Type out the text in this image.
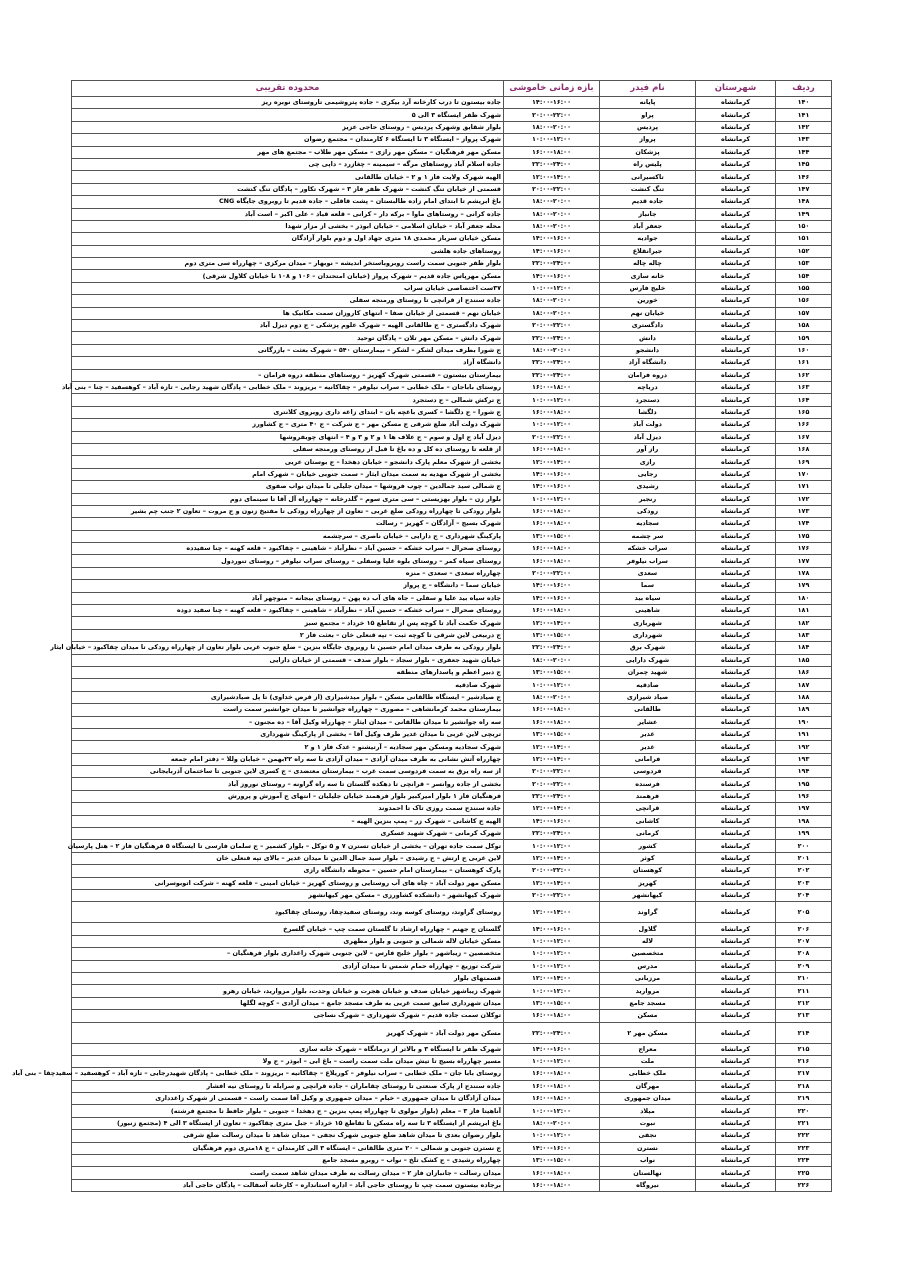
ردیف	شهرستان	نام فیدر	بازه زمانی خاموشی	محدوده تقریبی
۱۴۰	کرمانشاه	پایانه	۱۴:۰۰-۱۶:۰۰	جاده بیستون تا درب کارخانه آرد بیکری – جاده پتروشیمی تاروستای نوبره ریز
۱۴۱	کرمانشاه	پراو	۲۰:۰۰-۲۲:۰۰	شهرک ظفر ایستگاه ۳ الی ۵
۱۴۲	کرمانشاه	پردیس	۱۸:۰۰-۲۰:۰۰	بلوار شقایق وشهرک پردیس – روستای حاجی عزیز
۱۴۳	کرمانشاه	پرواز	۱۰:۰۰-۱۲:۰۰	شهرک پرواز – ایستگاه ۳ تا ایستگاه ۶ کارمندان – مجتمع رضوان
۱۴۴	کرمانشاه	پزشکان	۱۶:۰۰-۱۸:۰۰	مسکن مهر فرهنگیان – مسکن مهر رازی – مسکن مهر طلاب – مجتمع های مهر
۱۴۵	کرمانشاه	پلیس راه	۲۲:۰۰-۲۴:۰۰	جاده اسلام آباد روستاهای مرگه – سیمینه – چغازرد – داپی چی
۱۴۶	کرمانشاه	تاکسیرانی	۱۲:۰۰-۱۴:۰۰	الهیه شهرک ولایت فاز ۱ و ۲ – خیابان طالقانی
۱۴۷	کرمانشاه	تنگ کنشت	۲۰:۰۰-۲۲:۰۰	قسمتی از خیابان تنگ کنشت – شهرک ظفر فاز ۳ – شهرک تکاور – پادگان تنگ کنشت
۱۴۸	کرمانشاه	جاده قدیم	۱۸:۰۰-۲۰:۰۰	باغ ابریشم تا ابتدای امام زاده طالبستان – پشت قاقلی – جاده قدیم تا روبروی جایگاه CNG
۱۴۹	کرمانشاه	جانباز	۱۸:۰۰-۲۰:۰۰	جاده کرانی – روستاهای ماوا – برکه دار – کرانی – قلعه قباد – علی اکبر – است آباد
۱۵۰	کرمانشاه	جعفر آباد	۱۸:۰۰-۲۰:۰۰	محله جعفر آباد – خیابان اسلامی – خیابان ابوذر – بخشی از مزار شهدا
۱۵۱	کرمانشاه	جوادیه	۱۴:۰۰-۱۶:۰۰	مسکن خیابان سرباز محمدی ۱۸ متری جهاد اول و دوم بلوار آزادگان
۱۵۲	کرمانشاه	جیرانقلاع	۱۴:۰۰-۱۶:۰۰	روستاهای جاده هلشی
۱۵۳	کرمانشاه	چاله چاله	۲۲:۰۰-۲۴:۰۰	بلوار ظفر جنوبی سمت راست روبروباستخر اندیشه – نوبهار – میدان مرکزی – چهارراه سی متری دوم
۱۵۴	کرمانشاه	خانه سازی	۱۴:۰۰-۱۶:۰۰	مسکن مهرپاس جاده قدیم – شهرک پرواز (خیابان امتحندان – ۱۰۶ و ۱۰۸ تا خیابان کلاول شرقی)
۱۵۵	کرمانشاه	خلیج فارس	۱۰:۰۰-۱۲:۰۰	۳۷ست اختصاصی خیابان سراب
۱۵۶	کرمانشاه	خورین	۱۸:۰۰-۲۰:۰۰	جاده سنندج از قرانچی تا روستای ورمنجه سفلی
۱۵۷	کرمانشاه	خیابان نهم	۱۸:۰۰-۲۰:۰۰	خیابان نهم – قسمتی از خیابان صفا – انتهای کاروزان سمت مکانیک ها
۱۵۸	کرمانشاه	دادگستری	۲۰:۰۰-۲۲:۰۰	شهرک دادگستری – ج طالقانی الهیه – شهرک علوم پزشکی – ج دوم دیزل آباد
۱۵۹	کرمانشاه	دانش	۲۲:۰۰-۲۴:۰۰	شهرک دانش – مسکن مهر تلان – پادگان توحید
۱۶۰	کرمانشاه	دانشجو	۱۸:۰۰-۲۰:۰۰	ج شورا بطرف میدان لشکر – لشکر – بیمارستان ۵۴۰ – شهرک بعثت – بازرگانی
۱۶۱	کرمانشاه	دانشگاه آزاد	۲۲:۰۰-۲۴:۰۰	دانشگاه آزاد
۱۶۲	کرمانشاه	دروه فرامان	۲۲:۰۰-۲۴:۰۰	بیمارستان بیستون – قسمتی شهرک کهریز – روستاهای منطقه دروه فرامان –
۱۶۳	کرمانشاه	دریاچه	۱۶:۰۰-۱۸:۰۰	روستای باباجان – ملک خطابی – سراب نیلوفر – چقاکانیه – بریزوند – ملک خطابی – پادگان شهید رجایی – تازه آباد – کوهسفید – چنا – بنی آباد
۱۶۴	کرمانشاه	دستجرد	۱۰:۰۰-۱۲:۰۰	ج ترکش شمالی – ج دستجرد
۱۶۵	کرمانشاه	دلگشا	۱۶:۰۰-۱۸:۰۰	ج شورا – ج دلگشا – کسری باغچه بان – ابتدای زاغه داری روبروی کلانتری
۱۶۶	کرمانشاه	دولت آباد	۱۰:۰۰-۱۲:۰۰	شهرک دولت آباد ضلع شرقی ج مسکن مهر – ج شرکت – ج ۴۰ متری – ج کشاورز
۱۶۷	کرمانشاه	دیزل آباد	۲۰:۰۰-۲۲:۰۰	دیزل آباد ج اول و سوم – ج علاف ها ۱ و ۲ و ۳ و ۴ – انتهای چوبفروشها
۱۶۸	کرمانشاه	راز آور	۱۶:۰۰-۱۸:۰۰	از قلعه تا روستای ده کل و ده باغ تا قبل از روستای ورمنجه سفلی
۱۶۹	کرمانشاه	رازی	۱۲:۰۰-۱۴:۰۰	بخشی از شهرک معلم پارک دانشجو – خیابان دهخدا – ج بوستان عربی
۱۷۰	کرمانشاه	رجایی	۱۴:۰۰-۱۶:۰۰	بخشی از شهرک مهدیه به سمت میدان ایثار – سمت جنوبی خیابان – شهرک امام
۱۷۱	کرمانشاه	رشیدی	۱۴:۰۰-۱۶:۰۰	ج شمالی سید جمالدین – چوب فروشها – میدان جلیلی تا میدان نواب صفوی
۱۷۲	کرمانشاه	رنجبر	۱۰:۰۰-۱۲:۰۰	بلوار زن – بلوار بهزیستی – سی متری سوم – گلدرخانه – چهارراه آل آقا تا سینمای دوم
۱۷۳	کرمانشاه	رودکی	۱۶:۰۰-۱۸:۰۰	بلوار رودکی تا چهارراه رودکی ضلع غربی – تعاون از چهارراه رودکی تا مفتیخ زنون و ج مروت – تعاون ۲ جنب چم بشیر
۱۷۴	کرمانشاه	سجادیه	۱۶:۰۰-۱۸:۰۰	شهرک بسیج – آزادگان – کهریز – رسالت
۱۷۵	کرمانشاه	سر چشمه	۱۳:۰۰-۱۵:۰۰	پارکینگ شهرداری – ج دارایی – خیابان ناصری – سرچشمه
۱۷۶	کرمانشاه	سراب خشکه	۱۶:۰۰-۱۸:۰۰	روستای صحرال – سراب خشکه – حسین آباد – نظرآباد – شاهینی – چقاکبود – قلعه کهنه – چنا سفیدده
۱۷۷	کرمانشاه	سراب نیلوفر	۱۶:۰۰-۱۸:۰۰	روستای سیاه کمر – روستای بلوه علیا وسفلی – روستای سراب نیلوفر – روستای تنوردول
۱۷۸	کرمانشاه	سعدی	۲۰:۰۰-۲۲:۰۰	چهارراه سعدی – سعدی – منزه
۱۷۹	کرمانشاه	سما	۱۴:۰۰-۱۶:۰۰	خیابان سما – دانشگاه – ج پرواز
۱۸۰	کرمانشاه	سیاه بید	۱۴:۰۰-۱۶:۰۰	جاده سیاه بید علیا و سفلی – جاه های آب ده پهن – روستای بیجانه – منوچهر آباد
۱۸۱	کرمانشاه	شاهینی	۱۶:۰۰-۱۸:۰۰	روستای صحرال – سراب خشکه – حسین آباد – نظرآباد – شاهینی – چقاکبود – قلعه کهنه – چنا سفید دوده
۱۸۲	کرمانشاه	شهربازی	۱۲:۰۰-۱۴:۰۰	شهرک حکمت آباد تا کوچه پس از تقاطع ۱۵ خرداد – مجتمع سبز
۱۸۳	کرمانشاه	شهرداری	۱۳:۰۰-۱۵:۰۰	ج دربیعی لاین شرقی تا کوچه ثبت – تپه قنعلی خان – بعثت فاز ۲
۱۸۴	کرمانشاه	شهرک برق	۲۲:۰۰-۲۴:۰۰	بلوار رودکی به طرف میدان امام حسین تا روبروی جایگاه بنزین – ضلع جنوب غربی بلوار تعاون از چهارراه رودکی تا میدان چقاکبود – خیابان ایثار
۱۸۵	کرمانشاه	شهرک دارایی	۱۸:۰۰-۲۰:۰۰	خیابان شهید جعفری – بلوار سجاد – بلوار صدف – قسمتی از خیابان دارایی
۱۸۶	کرمانشاه	شهید چمران	۱۳:۰۰-۱۵:۰۰	ج دبیر اعظم و پاسدارهای منطقه
۱۸۷	کرمانشاه	صادقیه	۱۰:۰۰-۱۲:۰۰	شهرک صادقیه
۱۸۸	کرمانشاه	صیاد شیرازی	۱۸:۰۰-۲۰:۰۰	ج صیادشیر – ایستگاه طالقانی مسکن – بلوار میدشیرازی (از قرص خداوی) تا پل صیادشیرازی
۱۸۹	کرمانشاه	طالقانی	۱۶:۰۰-۱۸:۰۰	بیمارستان محمد کرمانشاهی – مصوری – چهارراه جوانشیر تا میدان جوانشیر سمت راست
۱۹۰	کرمانشاه	عشایر	۱۶:۰۰-۱۸:۰۰	سه راه جوانشیر تا میدان طالقانی – میدان ایثار – چهارراه وکیل آقا – ده مجنون –
۱۹۱	کرمانشاه	غدیر	۱۳:۰۰-۱۵:۰۰	تربچی لاین غربی تا میدان غدیر طرف وکیل آقا – بخشی از پارکینگ شهرداری
۱۹۲	کرمانشاه	غدیر	۱۲:۰۰-۱۴:۰۰	شهرک سجادیه ومسکن مهر سجادیه – آرتیشنو – غدک فاز ۱ و ۲
۱۹۳	کرمانشاه	فرامانی	۱۲:۰۰-۱۴:۰۰	چهارراه آتش نشانی به طرف میدان آزادی – میدان آزادی تا سه راه ۲۲بهمن – خیابان وللا – دفتر امام جمعه
۱۹۴	کرمانشاه	فردوسی	۲۰:۰۰-۲۲:۰۰	از سه راه برق به سمت فردوسی سمت غرب – بیمارستان معتضدی – ج کسری لاین جنوبی تا ساختمان آذربایجانی
۱۹۵	کرمانشاه	فرسنده	۲۰:۰۰-۲۲:۰۰	بخشی از جاده روانسر – قرانچی تا دهکده گلستان تا سه راه گراونه – روستای نوروز آباد
۱۹۶	کرمانشاه	فرهمند	۲۲:۰۰-۲۴:۰۰	فرهنگیان فاز ۱ بلوار امیرکبیر بلوار فرهمند خیابان جلیلیان – انتهای ج آموزش و پرورش
۱۹۷	کرمانشاه	قرانچی	۱۲:۰۰-۱۴:۰۰	جاده سنندج سمت روزی تاک تا احمدوند
۱۹۸	کرمانشاه	کاشانی	۱۴:۰۰-۱۶:۰۰	الهیه ج کاشانی – شهرک زر – پمپ بنزین الهیه –
۱۹۹	کرمانشاه	کرمانی	۲۲:۰۰-۲۴:۰۰	شهرک کرمانی – شهرک شهید عسکری
۲۰۰	کرمانشاه	کشور	۱۰:۰۰-۱۲:۰۰	توکل سمت جاده تهران – بخشی از خیابان تسترن ۷ و ۵ توکل – بلوار کشمیر – ج سلمان فارسی تا ایستگاه ۵ فرهنگیان فاز ۲ – هتل پارسیان
۲۰۱	کرمانشاه	کوثر	۱۲:۰۰-۱۴:۰۰	لاین غربی ج ارتش – ج رشیدی – بلوار سید جمال الدین تا میدان غدیر – بالای تپه قنعلی خان
۲۰۲	کرمانشاه	کوهستان	۲۰:۰۰-۲۲:۰۰	پارک کوهستان – بیمارستان امام حسین – محوطه دانشگاه رازی
۲۰۳	کرمانشاه	کهریز	۱۲:۰۰-۱۴:۰۰	مسکن مهر دولت آباد – چاه های آب روستایی و روستای کهریز – خیابان امینی – قلعه کهنه – شرکت اتوبوسرانی
۲۰۴	کرمانشاه	کیهانشهر	۲۰:۰۰-۲۲:۰۰	شهرک کیهانشهر – دانشکده کشاورزی – مسکن مهر کیهانشهر
۲۰۵	کرمانشاه	گراوند	۱۲:۰۰-۱۴:۰۰	روستای گراوند، روستای کوسه وند، روستای سفیدچقا، روستای چقاکبود
۲۰۶	کرمانشاه	گلاول	۱۴:۰۰-۱۶:۰۰	گلستان ج جهنم – چهارراه ارشاد تا گلستان سمت چپ – خیابان گلسرخ
۲۰۷	کرمانشاه	لاله	۱۰:۰۰-۱۲:۰۰	مسکن خیابان لاله شمالی و جنوبی و بلوار مطهری
۲۰۸	کرمانشاه	متخصصین	۱۰:۰۰-۱۲:۰۰	متخصصین – زیباشهر – بلوار خلیج فارس – لاین جنوبی شهرک زاغداری بلوار فرهنگیان –
۲۰۹	کرمانشاه	مدرس	۱۰:۰۰-۱۲:۰۰	شرکت توزیع – چهارراه حمام شمس تا میدان آزادی
۲۱۰	کرمانشاه	مرزبانی	۱۲:۰۰-۱۴:۰۰	قسمتهای بلوار
۲۱۱	کرمانشاه	مروارید	۱۰:۰۰-۱۲:۰۰	شهرک زیباشهر خیابان صدف و خیابان هجرت و خیابان وحدت، بلوار مروارید، خیابان رهرو
۲۱۲	کرمانشاه	مسجد جامع	۱۳:۰۰-۱۵:۰۰	میدان شهرداری سایق سمت غربی به طرف مسجد جامع – میدان آزادی – کوچه لگلها
۲۱۳	کرمانشاه	مسکن	۱۶:۰۰-۱۸:۰۰	توکلان سمت جاده قدیم – شهرک شهرداری – شهرک نساجی
۲۱۴	کرمانشاه	مسکن مهر ۲	۲۲:۰۰-۲۴:۰۰	مسکن مهر دولت آباد – شهرک کهریز
۲۱۵	کرمانشاه	معراج	۱۴:۰۰-۱۶:۰۰	شهرک ظفر تا ایستگاه ۳ و بالاتر از درمانگاه – شهرک خانه سازی
۲۱۶	کرمانشاه	ملت	۱۰:۰۰-۱۲:۰۰	مسیر چهارراه بسیج تا تیش میدان ملت سمت راست – باغ ابی – ابوذر – ج ولا
۲۱۷	کرمانشاه	ملک خطابی	۱۶:۰۰-۱۸:۰۰	روستای بابا جان – ملک خطابی – سراب نیلوفر – کوریلاع – چقاکانیه – بریزوند – ملک خطابی – پادگان شهیدرجایی – تازه آباد – کوهسفید – سفیدچقا – بنی آباد
۲۱۸	کرمانشاه	مهرگان	۱۶:۰۰-۱۸:۰۰	جاده سنندج از پارک صنعتی تا روستای چقاماران – جاده قرانچی و سرابله تا روستای نیه افشار
۲۱۹	کرمانشاه	میدان جمهوری	۱۶:۰۰-۱۸:۰۰	میدان آزادگان تا میدان جمهوری – خیام – میدان جمهوری و وکیل آقا سمت راست – قسمتی از شهرک زاغدداری
۲۲۰	کرمانشاه	میلاد	۱۰:۰۰-۱۲:۰۰	آناهیتا فاز ۳ – معلم (بلوار مولوی تا چهارراه پمپ بنزین – ج دهخدا – جنوبی – بلوار حافظ تا مجتمع فرشته)
۲۲۱	کرمانشاه	نبوت	۱۸:۰۰-۲۰:۰۰	باغ ابریشم از ایستگاه ۳ تا سه راه مسکن تا تقاطع ۱۵ خرداد – جبل متری چقاکبود – تعاون از ایستگاه ۳ الی ۴ (مجتمع زنبور)
۲۲۲	کرمانشاه	نجفی	۱۰:۰۰-۱۲:۰۰	بلوار رضوان بعدی تا میدان شاهد ضلع جنوبی شهرک نجفی – میدان شاهد تا میدان رسالت ضلع شرقی
۲۲۳	کرمانشاه	نسترن	۱۴:۰۰-۱۶:۰۰	ج نسترن جنوبی و شمالی – ۲۰ متری طالقانی – ایستگاه ۳ الی کارمندان – ج ۱۸متری دوم فرهنگیان
۲۲۴	کرمانشاه	نواب	۱۳:۰۰-۱۵:۰۰	چهارراه رشیدی – ج کشک تلخ – نواب – روبرو مسجد جامع
۲۲۵	کرمانشاه	نهالستان	۱۶:۰۰-۱۸:۰۰	میدان رسالت – جانبازان فاز ۲ – میدان رسالت به طرف میدان شاهد سمت راست
۲۲۶	کرمانشاه	نیروگاه	۱۶:۰۰-۱۸:۰۰	برجاده بیستون سمت چپ تا روستای حاجی آباد – اداره استانداره – کارخانه آسفالت – پادگان حاجی آباد
